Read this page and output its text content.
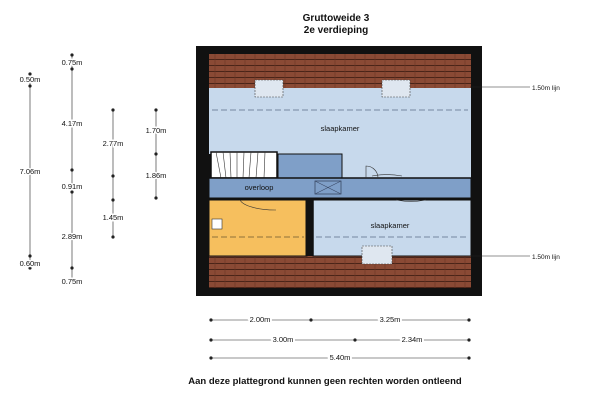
Gruttoweide 3
2e verdieping
slaapkamer
overloop
slaapkamer
1.50m lijn
1.50m lijn
0.75m
4.17m
0.91m
2.89m
0.75m
0.50m
7.06m
0.60m
2.77m
1.45m
1.70m
1.86m
2.00m	3.25m
3.00m	2.34m
5.40m
Aan deze plattegrond kunnen geen rechten worden ontleend
